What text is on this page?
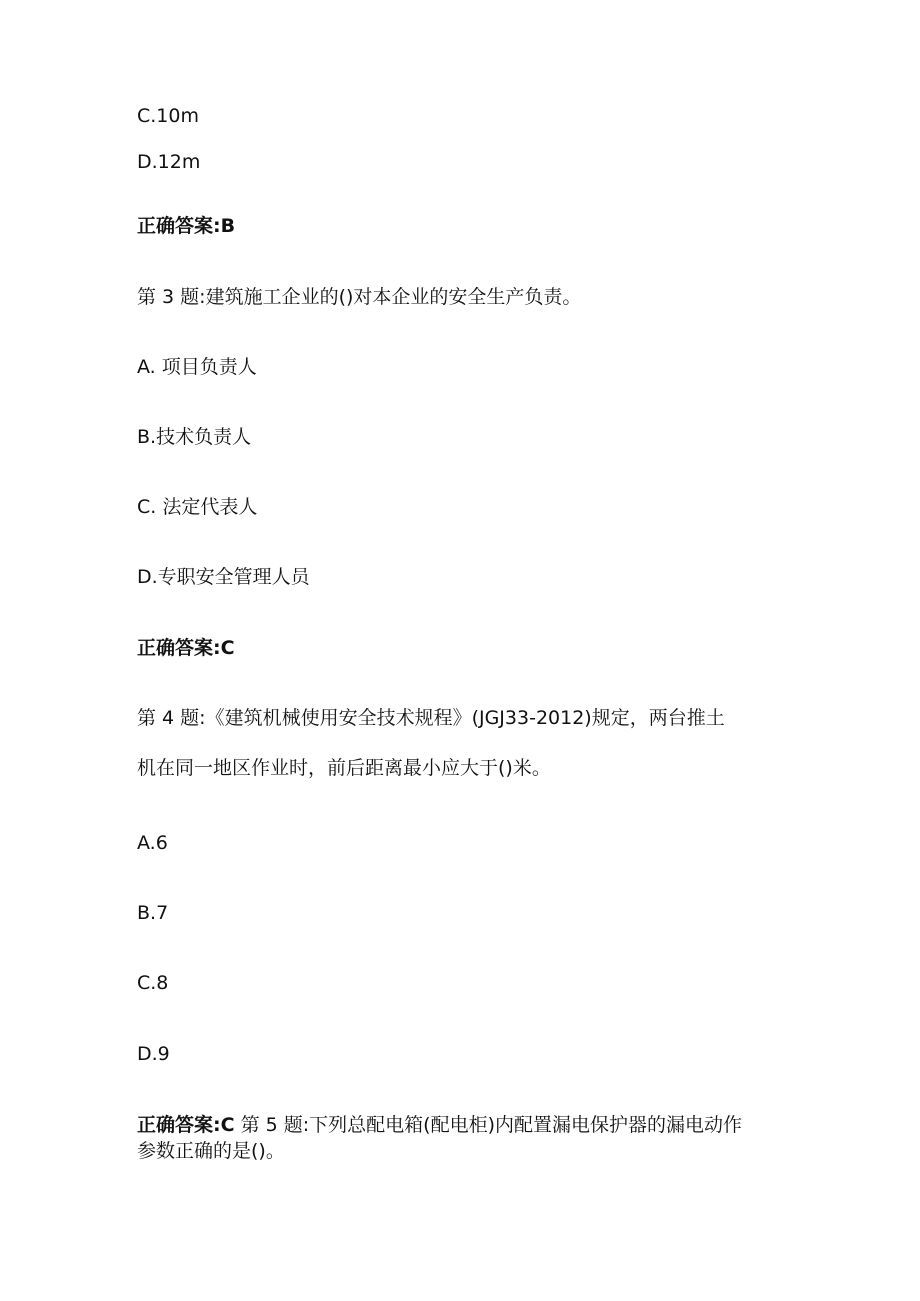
C.10m
D.12m
正确答案:B
第 3 题:建筑施工企业的()对本企业的安全生产负责。
A. 项目负责人
B.技术负责人
C. 法定代表人
D.专职安全管理人员
正确答案:C
第 4 题:《建筑机械使用安全技术规程》(JGJ33-2012)规定，两台推土
机在同一地区作业时，前后距离最小应大于()米。
A.6
B.7
C.8
D.9
正确答案:C 第 5 题:下列总配电箱(配电柜)内配置漏电保护器的漏电动作
参数正确的是()。
